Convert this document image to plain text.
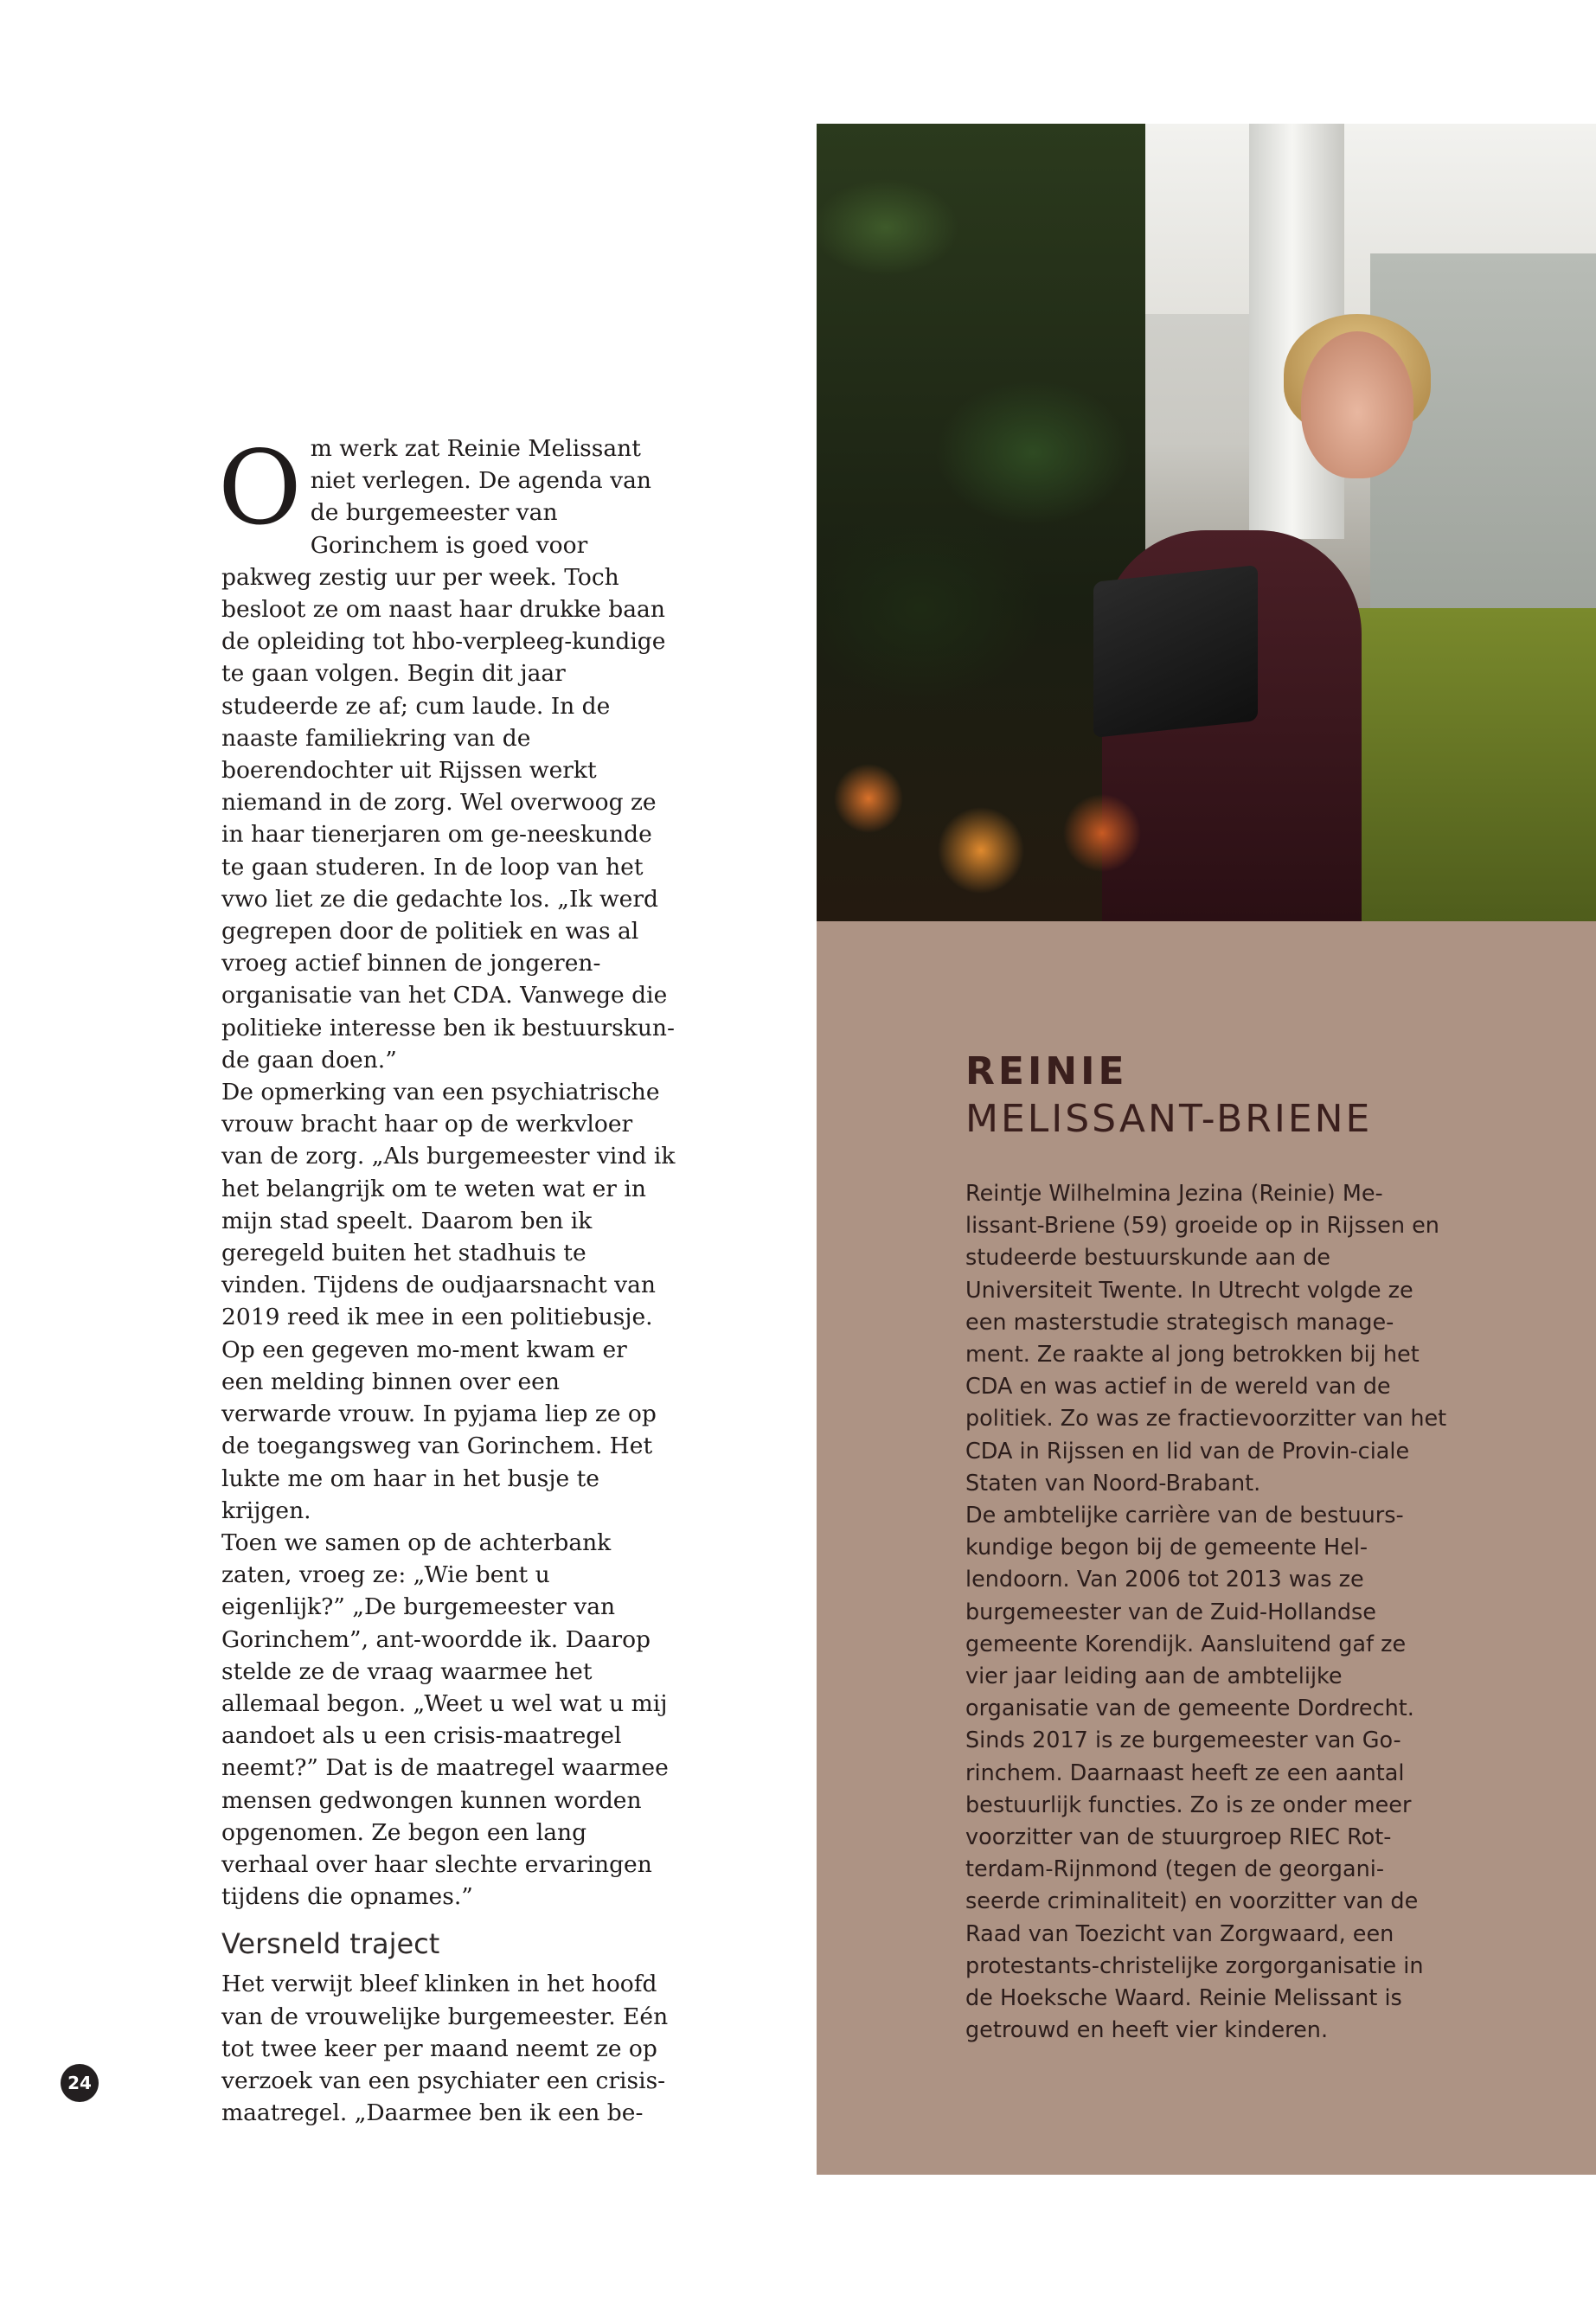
Om werk zat Reinie Melissant niet verlegen. De agenda van de burgemeester van Gorinchem is goed voor pakweg zestig uur per week. Toch besloot ze om naast haar drukke baan de opleiding tot hbo-verpleeg-kundige te gaan volgen. Begin dit jaar studeerde ze af; cum laude. In de naaste familiekring van de boerendochter uit Rijssen werkt niemand in de zorg. Wel overwoog ze in haar tienerjaren om ge-neeskunde te gaan studeren. In de loop van het vwo liet ze die gedachte los. „Ik werd gegrepen door de politiek en was al vroeg actief binnen de jongeren-organisatie van het CDA. Vanwege die politieke interesse ben ik bestuurskun-de gaan doen.”

De opmerking van een psychiatrische vrouw bracht haar op de werkvloer van de zorg. „Als burgemeester vind ik het belangrijk om te weten wat er in mijn stad speelt. Daarom ben ik geregeld buiten het stadhuis te vinden. Tijdens de oudjaarsnacht van 2019 reed ik mee in een politiebusje. Op een gegeven mo-ment kwam er een melding binnen over een verwarde vrouw. In pyjama liep ze op de toegangsweg van Gorinchem. Het lukte me om haar in het busje te krijgen.

Toen we samen op de achterbank zaten, vroeg ze: „Wie bent u eigenlijk?” „De burgemeester van Gorinchem”, ant-woordde ik. Daarop stelde ze de vraag waarmee het allemaal begon. „Weet u wel wat u mij aandoet als u een crisis-maatregel neemt?” Dat is de maatregel waarmee mensen gedwongen kunnen worden opgenomen. Ze begon een lang verhaal over haar slechte ervaringen tijdens die opnames.”

Versneld traject

Het verwijt bleef klinken in het hoofd van de vrouwelijke burgemeester. Eén tot twee keer per maand neemt ze op verzoek van een psychiater een crisis-maatregel. „Daarmee ben ik een be-

24
REINIE
MELISSANT-BRIENE

Reintje Wilhelmina Jezina (Reinie) Me-lissant-Briene (59) groeide op in Rijssen en studeerde bestuurskunde aan de Universiteit Twente. In Utrecht volgde ze een masterstudie strategisch manage-ment. Ze raakte al jong betrokken bij het CDA en was actief in de wereld van de politiek. Zo was ze fractievoorzitter van het CDA in Rijssen en lid van de Provin-ciale Staten van Noord-Brabant.

De ambtelijke carrière van de bestuurs-kundige begon bij de gemeente Hel-lendoorn. Van 2006 tot 2013 was ze burgemeester van de Zuid-Hollandse gemeente Korendijk. Aansluitend gaf ze vier jaar leiding aan de ambtelijke organisatie van de gemeente Dordrecht. Sinds 2017 is ze burgemeester van Go-rinchem. Daarnaast heeft ze een aantal bestuurlijk functies. Zo is ze onder meer voorzitter van de stuurgroep RIEC Rot-terdam-Rijnmond (tegen de georgani-seerde criminaliteit) en voorzitter van de Raad van Toezicht van Zorgwaard, een protestants-christelijke zorgorganisatie in de Hoeksche Waard. Reinie Melissant is getrouwd en heeft vier kinderen.
